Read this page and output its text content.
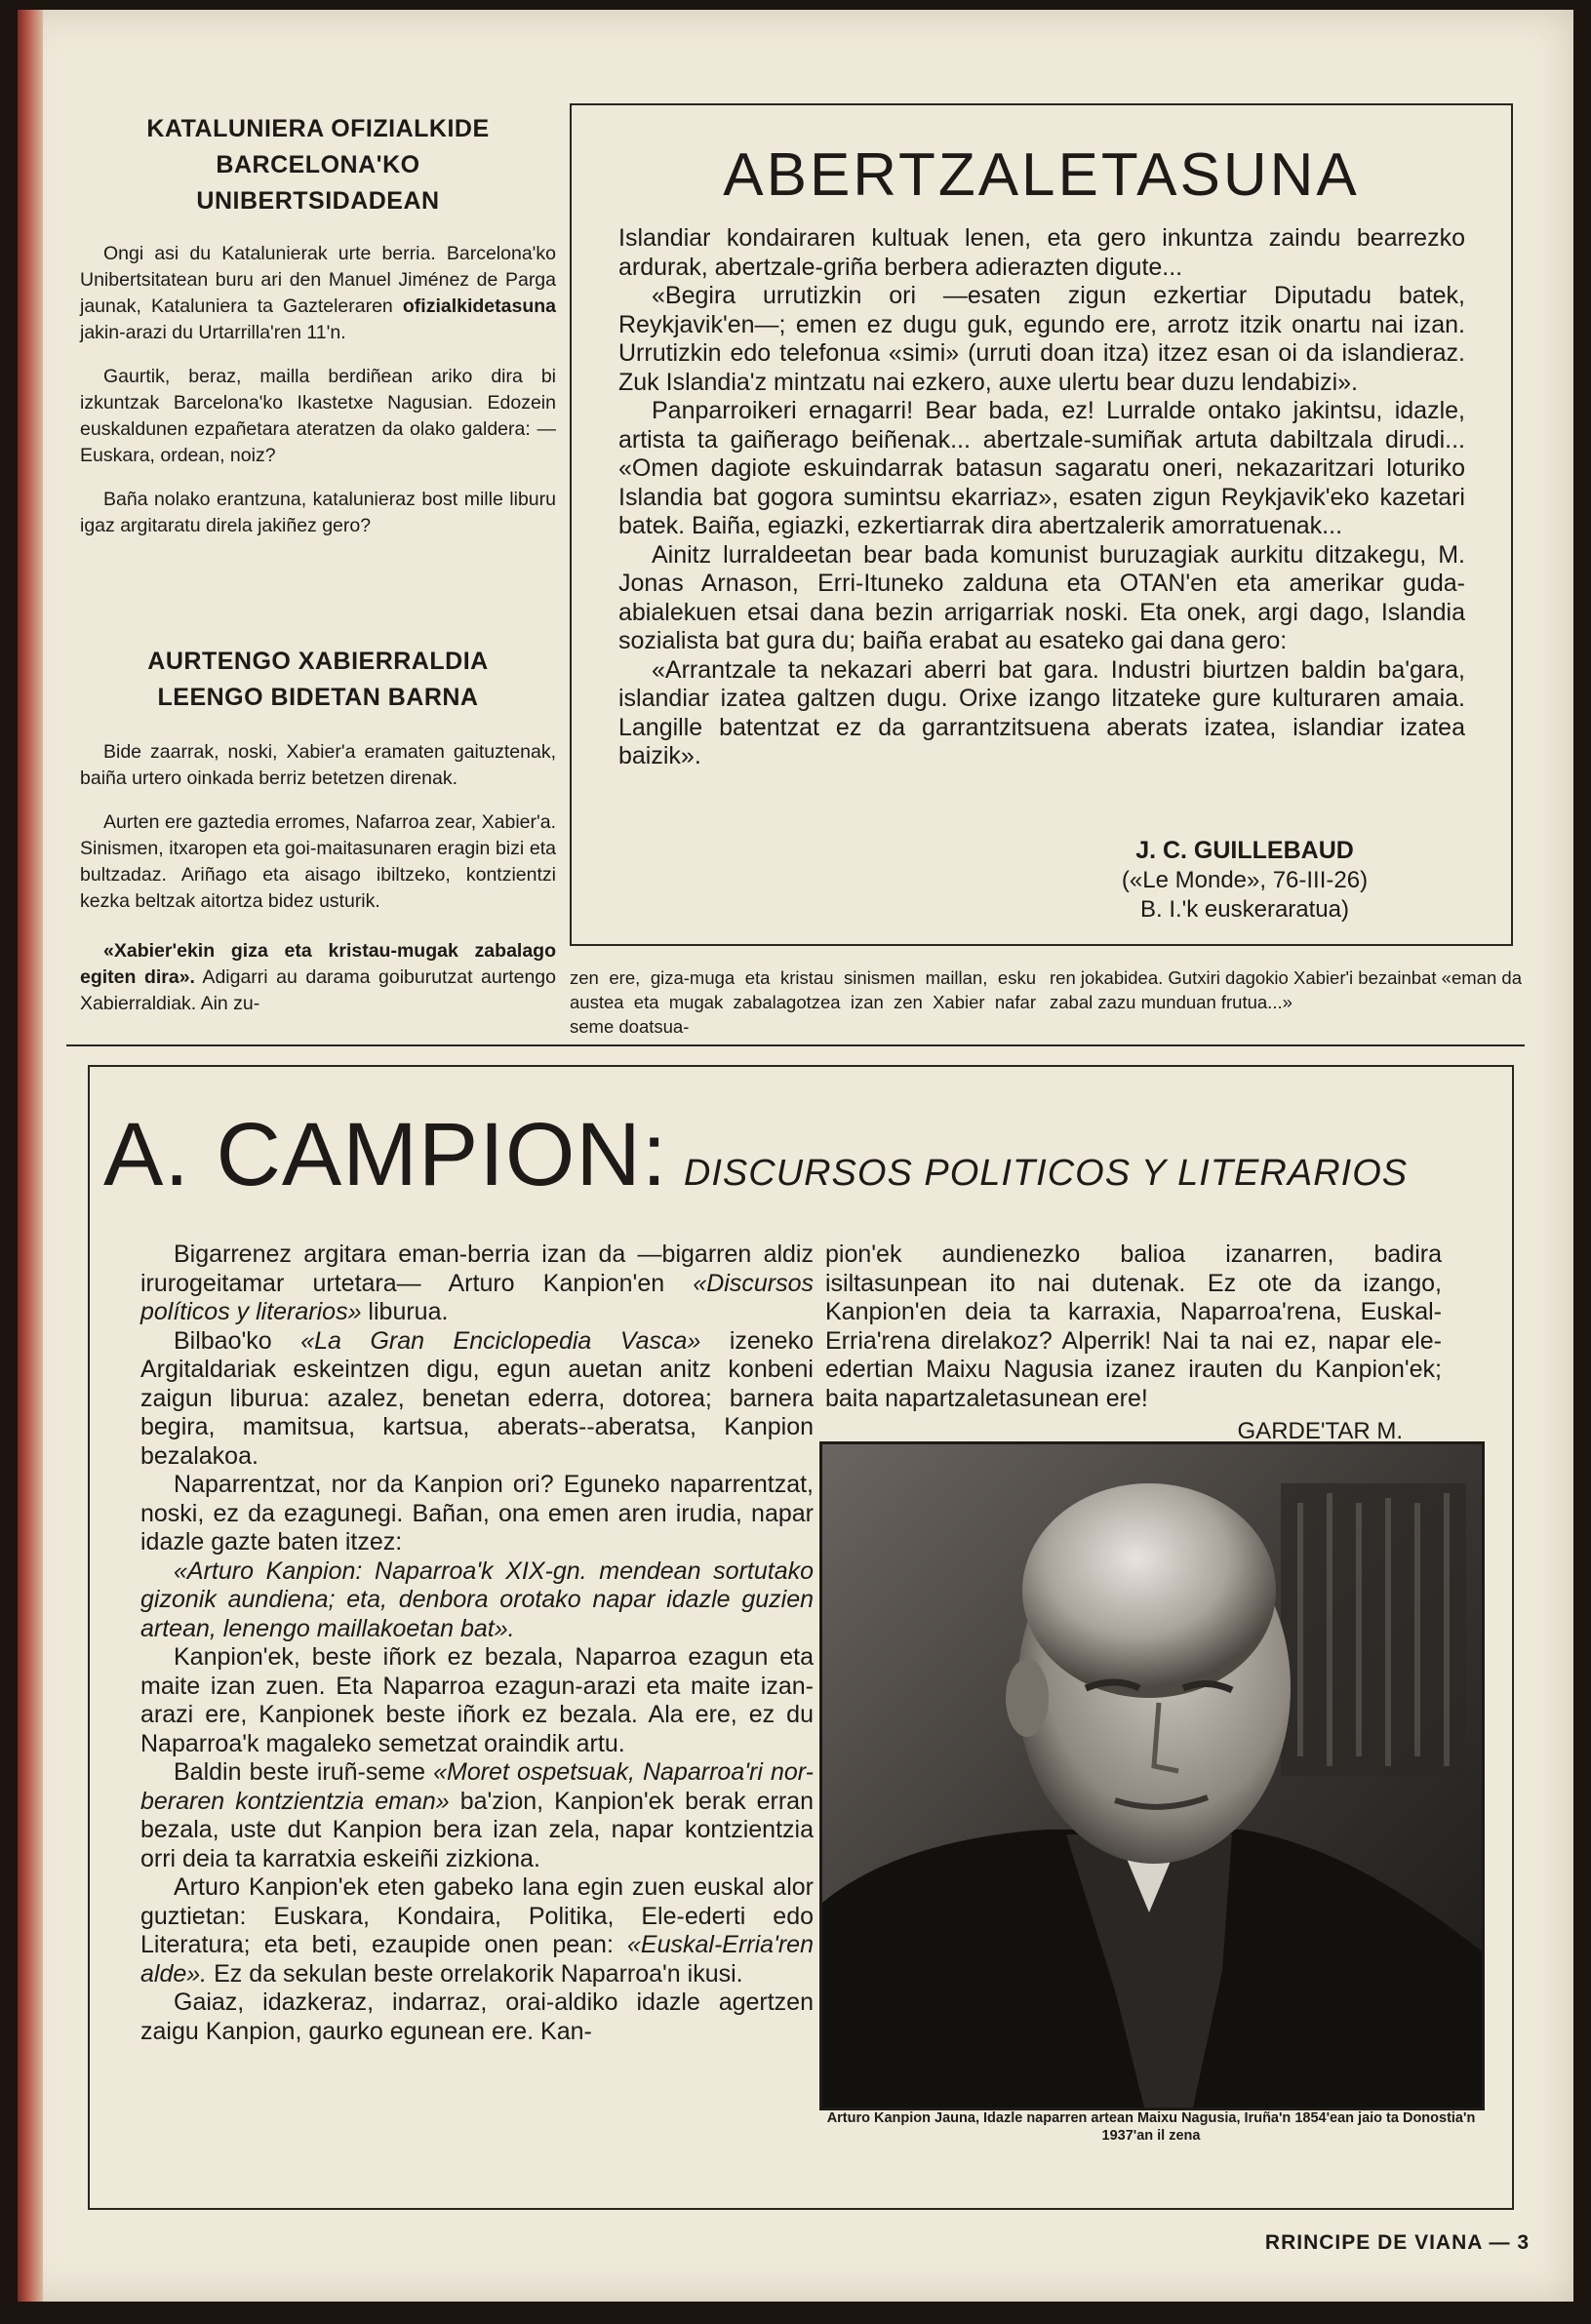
KATALUNIERA OFIZIALKIDE
BARCELONA'KO
UNIBERTSIDADEAN

Ongi asi du Katalunierak urte berria. Barcelona'ko Unibertsitatean buru ari den Manuel Jiménez de Parga jaunak, Kataluniera ta Gazteleraren ofizialkidetasuna jakin-arazi du Urtarrilla'ren 11'n.

Gaurtik, beraz, mailla berdiñean ariko dira bi izkuntzak Barcelona'ko Ikastetxe Nagusian. Edozein euskaldunen ezpañetara ateratzen da olako galdera: —Euskara, ordean, noiz?

Baña nolako erantzuna, katalunieraz bost mille liburu igaz argitaratu direla jakiñez gero?

AURTENGO XABIERRALDIA
LEENGO BIDETAN BARNA

Bide zaarrak, noski, Xabier'a eramaten gaituztenak, baiña urtero oinkada berriz betetzen direnak.

Aurten ere gaztedia erromes, Nafarroa zear, Xabier'a. Sinismen, itxaropen eta goi-maitasunaren eragin bizi eta bultzadaz. Ariñago eta aisago ibiltzeko, kontzientzi kezka beltzak aitortza bidez usturik.

«Xabier'ekin giza eta kristau-mugak zabalago egiten dira». Adigarri au darama goiburutzat aurtengo Xabierraldiak. Ain zu-

zen ere, giza-muga eta kristau sinismen maillan, esku austea eta mugak zabalagotzea izan zen Xabier nafar seme doatsua-

ren jokabidea. Gutxiri dagokio Xabier'i bezainbat «eman da zabal zazu munduan frutua...»

ABERTZALETASUNA

Islandiar kondairaren kultuak lenen, eta gero inkuntza zaindu bearrezko ardurak, abertzale-griña berbera adierazten digute...

«Begira urrutizkin ori —esaten zigun ezkertiar Diputadu batek, Reykjavik'en—; emen ez dugu guk, egundo ere, arrotz itzik onartu nai izan. Urrutizkin edo telefonua «simi» (urruti doan itza) itzez esan oi da islandieraz. Zuk Islandia'z mintzatu nai ezkero, auxe ulertu bear duzu lendabizi».

Panparroikeri ernagarri! Bear bada, ez! Lurralde ontako jakintsu, idazle, artista ta gaiñerago beiñenak... abertzale-sumiñak artuta dabiltzala dirudi... «Omen dagiote eskuindarrak batasun sagaratu oneri, nekazaritzari loturiko Islandia bat gogora sumintsu ekarriaz», esaten zigun Reykjavik'eko kazetari batek. Baiña, egiazki, ezkertiarrak dira abertzalerik amorratuenak...

Ainitz lurraldeetan bear bada komunist buruzagiak aurkitu ditzakegu, M. Jonas Arnason, Erri-Ituneko zalduna eta OTAN'en eta amerikar guda-abialekuen etsai dana bezin arrigarriak noski. Eta onek, argi dago, Islandia sozialista bat gura du; baiña erabat au esateko gai dana gero:

«Arrantzale ta nekazari aberri bat gara. Industri biurtzen baldin ba'gara, islandiar izatea galtzen dugu. Orixe izango litzateke gure kulturaren amaia. Langille batentzat ez da garrantzitsuena aberats izatea, islandiar izatea baizik».

J. C. GUILLEBAUD
(«Le Monde», 76-III-26)
B. I.'k euskeraratua)
A. CAMPION: DISCURSOS POLITICOS Y LITERARIOS

Bigarrenez argitara eman-berria izan da —bigarren aldiz irurogeitamar urtetara— Arturo Kanpion'en «Discursos políticos y literarios» liburua.

Bilbao'ko «La Gran Enciclopedia Vasca» izeneko Argitaldariak eskeintzen digu, egun auetan anitz konbeni zaigun liburua: azalez, benetan ederra, dotorea; barnera begira, mamitsua, kartsua, aberats--aberatsa, Kanpion bezalakoa.

Naparrentzat, nor da Kanpion ori? Eguneko naparrentzat, noski, ez da ezagunegi. Bañan, ona emen aren irudia, napar idazle gazte baten itzez:

«Arturo Kanpion: Naparroa'k XIX-gn. mendean sortutako gizonik aundiena; eta, denbora orotako napar idazle guzien artean, lenengo maillakoetan bat».

Kanpion'ek, beste iñork ez bezala, Naparroa ezagun eta maite izan zuen. Eta Naparroa ezagun-arazi eta maite izan-arazi ere, Kanpionek beste iñork ez bezala. Ala ere, ez du Naparroa'k magaleko semetzat oraindik artu.

Baldin beste iruñ-seme «Moret ospetsuak, Naparroa'ri nor-beraren kontzientzia eman» ba'zion, Kanpion'ek berak erran bezala, uste dut Kanpion bera izan zela, napar kontzientzia orri deia ta karratxia eskeiñi zizkiona.

Arturo Kanpion'ek eten gabeko lana egin zuen euskal alor guztietan: Euskara, Kondaira, Politika, Ele-ederti edo Literatura; eta beti, ezaupide onen pean: «Euskal-Erria'ren alde». Ez da sekulan beste orrelakorik Naparroa'n ikusi.

Gaiaz, idazkeraz, indarraz, orai-aldiko idazle agertzen zaigu Kanpion, gaurko egunean ere. Kan-

pion'ek aundienezko balioa izanarren, badira isiltasunpean ito nai dutenak. Ez ote da izango, Kanpion'en deia ta karraxia, Naparroa'rena, Euskal-Erria'rena direlakoz? Alperrik! Nai ta nai ez, napar ele-edertian Maixu Nagusia izanez irauten du Kanpion'ek; baita napartzaletasunean ere!

GARDE'TAR M.
Arturo Kanpion Jauna, Idazle naparren artean Maixu Nagusia, Iruña'n 1854'ean jaio ta Donostia'n 1937'an il zena
RRINCIPE DE VIANA — 3
